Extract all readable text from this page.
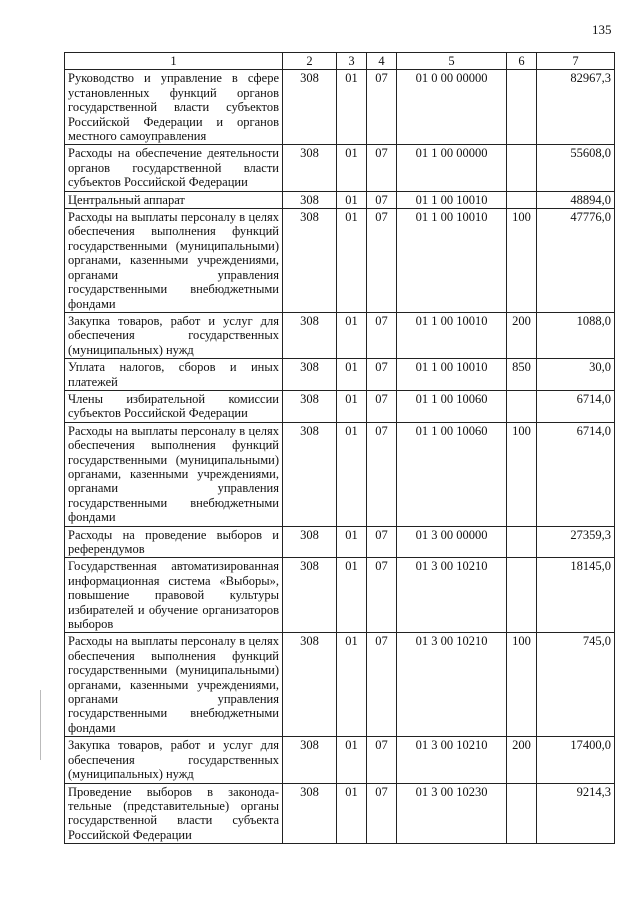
135
1	2	3	4	5	6	7
Руководство и управление в сфере установленных функций органов государственной власти субъектов Российской Федерации и органов местного самоуправления	308	01	07	01 0 00 00000		82967,3
Расходы на обеспечение деятельности органов государственной власти субъектов Российской Федерации	308	01	07	01 1 00 00000		55608,0
Центральный аппарат	308	01	07	01 1 00 10010		48894,0
Расходы на выплаты персоналу в целях обеспечения выполнения функций государственными (муниципальными) органами, казенными учреждениями, органами управления государственными внебюджетными фондами	308	01	07	01 1 00 10010	100	47776,0
Закупка товаров, работ и услуг для обеспечения государственных (муниципальных) нужд	308	01	07	01 1 00 10010	200	1088,0
Уплата налогов, сборов и иных платежей	308	01	07	01 1 00 10010	850	30,0
Члены избирательной комиссии субъектов Российской Федерации	308	01	07	01 1 00 10060		6714,0
Расходы на выплаты персоналу в целях обеспечения выполнения функций государственными (муниципальными) органами, казенными учреждениями, органами управления государственными внебюджетными фондами	308	01	07	01 1 00 10060	100	6714,0
Расходы на проведение выборов и референдумов	308	01	07	01 3 00 00000		27359,3
Государственная автоматизированная информационная система «Выборы», повышение правовой культуры избирателей и обучение организаторов выборов	308	01	07	01 3 00 10210		18145,0
Расходы на выплаты персоналу в целях обеспечения выполнения функций государственными (муниципальными) органами, казенными учреждениями, органами управления государственными внебюджетными фондами	308	01	07	01 3 00 10210	100	745,0
Закупка товаров, работ и услуг для обеспечения государственных (муниципальных) нужд	308	01	07	01 3 00 10210	200	17400,0
Проведение выборов в законодательные (представительные) органы государственной власти субъекта Российской Федерации	308	01	07	01 3 00 10230		9214,3
